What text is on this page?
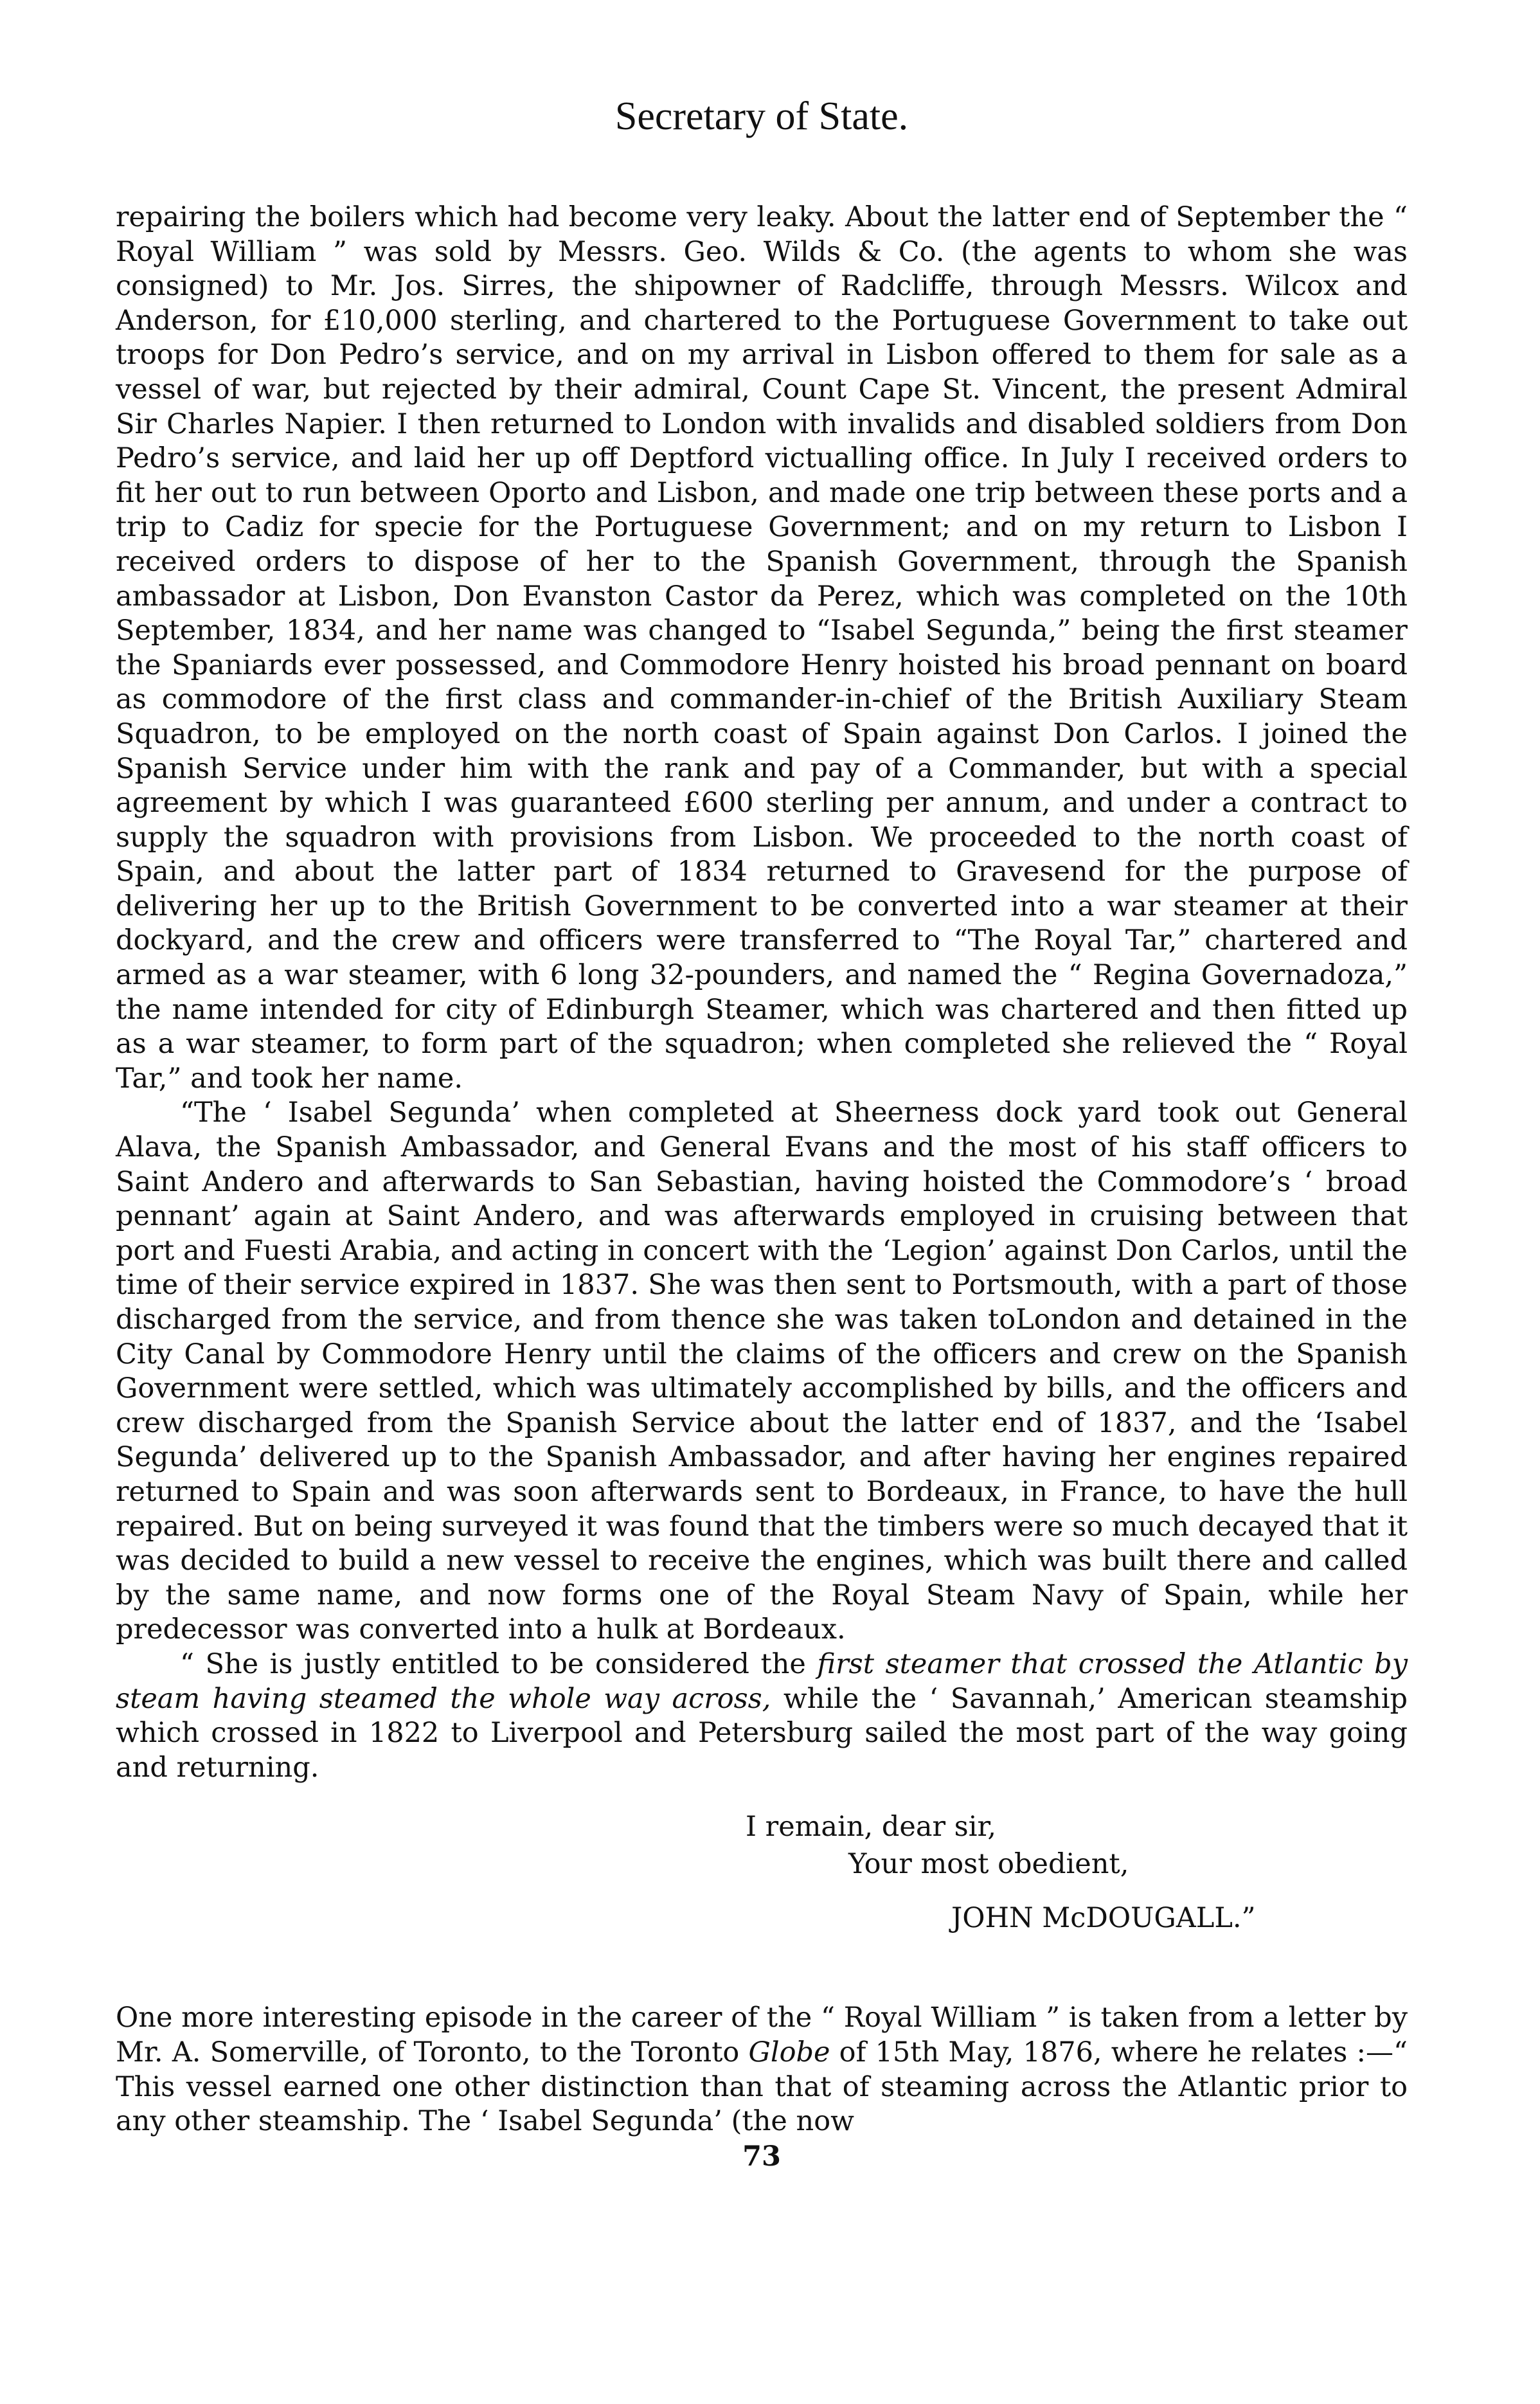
Secretary of State.

repairing the boilers which had become very leaky. About the latter end of September the “ Royal William ” was sold by Messrs. Geo. Wilds & Co. (the agents to whom she was consigned) to Mr. Jos. Sirres, the shipowner of Radcliffe, through Messrs. Wilcox and Anderson, for £10,000 sterling, and chartered to the Portuguese Government to take out troops for Don Pedro’s service, and on my arrival in Lisbon offered to them for sale as a vessel of war, but rejected by their admiral, Count Cape St. Vincent, the present Admiral Sir Charles Napier. I then returned to London with invalids and disabled soldiers from Don Pedro’s service, and laid her up off Deptford victualling office. In July I received orders to fit her out to run between Oporto and Lisbon, and made one trip between these ports and a trip to Cadiz for specie for the Portuguese Government; and on my return to Lisbon I received orders to dispose of her to the Spanish Government, through the Spanish ambassador at Lisbon, Don Evanston Castor da Perez, which was completed on the 10th September, 1834, and her name was changed to “Isabel Segunda,” being the first steamer the Spaniards ever possessed, and Commodore Henry hoisted his broad pennant on board as commodore of the first class and commander-in-chief of the British Auxiliary Steam Squadron, to be employed on the north coast of Spain against Don Carlos. I joined the Spanish Service under him with the rank and pay of a Commander, but with a special agreement by which I was guaranteed £600 sterling per annum, and under a contract to supply the squadron with provisions from Lisbon. We proceeded to the north coast of Spain, and about the latter part of 1834 returned to Gravesend for the purpose of delivering her up to the British Government to be converted into a war steamer at their dockyard, and the crew and officers were transferred to “The Royal Tar,” chartered and armed as a war steamer, with 6 long 32-pounders, and named the “ Regina Governadoza,” the name intended for city of Edinburgh Steamer, which was chartered and then fitted up as a war steamer, to form part of the squadron; when completed she relieved the “ Royal Tar,” and took her name.

“The ‘ Isabel Segunda’ when completed at Sheerness dock yard took out General Alava, the Spanish Ambassador, and General Evans and the most of his staff officers to Saint Andero and afterwards to San Sebastian, having hoisted the Commodore’s ‘ broad pennant’ again at Saint Andero, and was afterwards employed in cruising between that port and Fuesti Arabia, and acting in concert with the ‘Legion’ against Don Carlos, until the time of their service expired in 1837. She was then sent to Portsmouth, with a part of those discharged from the service, and from thence she was taken toLondon and detained in the City Canal by Commodore Henry until the claims of the officers and crew on the Spanish Government were settled, which was ultimately accomplished by bills, and the officers and crew discharged from the Spanish Service about the latter end of 1837, and the ‘Isabel Segunda’ delivered up to the Spanish Ambassador, and after having her engines repaired returned to Spain and was soon afterwards sent to Bordeaux, in France, to have the hull repaired. But on being surveyed it was found that the timbers were so much decayed that it was decided to build a new vessel to receive the engines, which was built there and called by the same name, and now forms one of the Royal Steam Navy of Spain, while her predecessor was converted into a hulk at Bordeaux.

“ She is justly entitled to be considered the first steamer that crossed the Atlantic by steam having steamed the whole way across, while the ‘ Savannah,’ American steamship which crossed in 1822 to Liverpool and Petersburg sailed the most part of the way going and returning.

I remain, dear sir,
Your most obedient,
JOHN McDOUGALL.”

One more interesting episode in the career of the “ Royal William ” is taken from a letter by Mr. A. Somerville, of Toronto, to the Toronto Globe of 15th May, 1876, where he relates :—“ This vessel earned one other distinction than that of steaming across the Atlantic prior to any other steamship. The ‘ Isabel Segunda’ (the now

73
